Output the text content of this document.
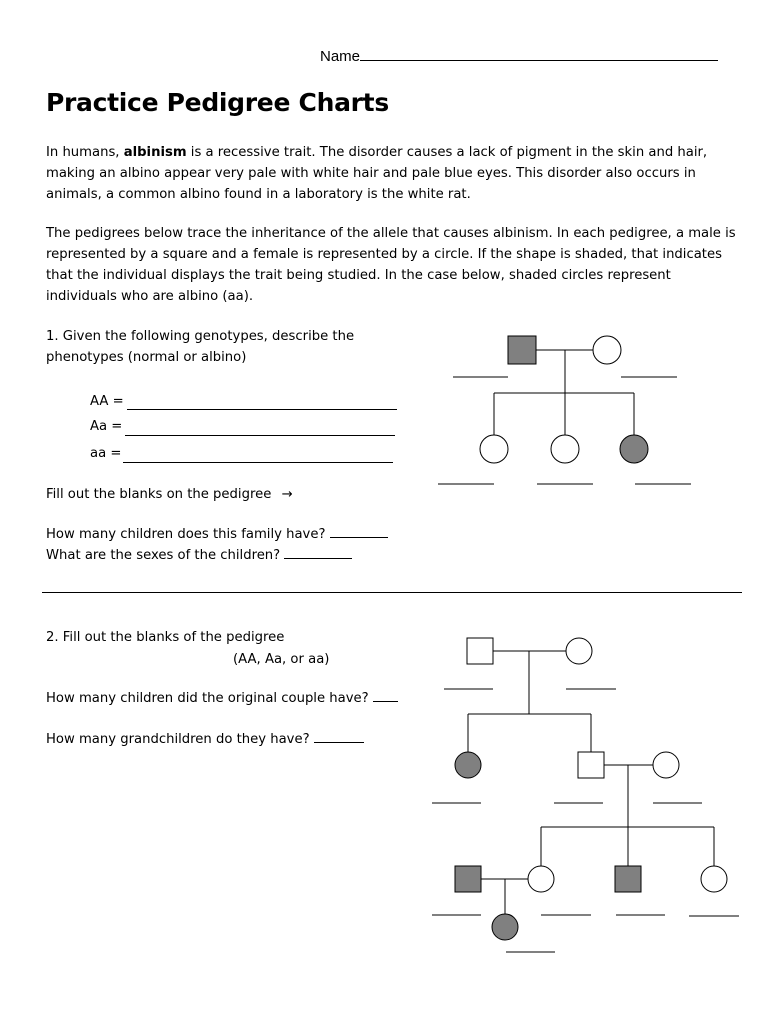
Name
Practice Pedigree Charts
In humans, albinism is a recessive trait. The disorder causes a lack of pigment in the skin and hair, making an albino appear very pale with white hair and pale blue eyes. This disorder also occurs in animals, a common albino found in a laboratory is the white rat.
The pedigrees below trace the inheritance of the allele that causes albinism. In each pedigree, a male is represented by a square and a female is represented by a circle. If the shape is shaded, that indicates that the individual displays the trait being studied. In the case below, shaded circles represent individuals who are albino (aa).
1. Given the following genotypes, describe the
phenotypes (normal or albino)
AA =
Aa =
aa =
Fill out the blanks on the pedigree →
How many children does this family have?
What are the sexes of the children?
2. Fill out the blanks of the pedigree
(AA, Aa, or aa)
How many children did the original couple have?
How many grandchildren do they have?
